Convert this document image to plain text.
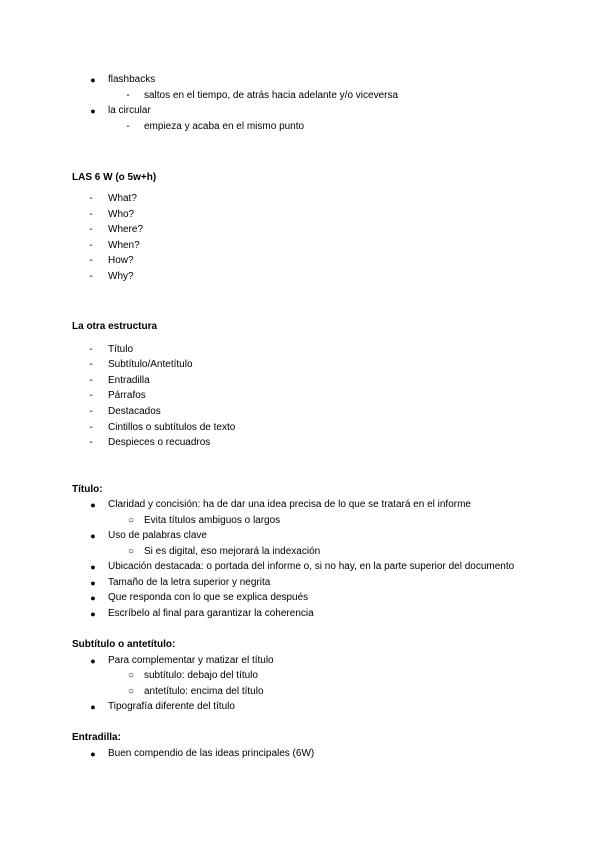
●	flashbacks
-	saltos en el tiempo, de atrás hacia adelante y/o viceversa
●	la circular
-	empieza y acaba en el mismo punto
LAS 6 W (o 5w+h)
-	What?
-	Who?
-	Where?
-	When?
-	How?
-	Why?
La otra estructura
-	Título
-	Subtítulo/Antetítulo
-	Entradilla
-	Párrafos
-	Destacados
-	Cintillos o subtítulos de texto
-	Despieces o recuadros
Título:
●	Claridad y concisión: ha de dar una idea precisa de lo que se tratará en el informe
○ Evita títulos ambiguos o largos
●	Uso de palabras clave
○ Si es digital, eso mejorará la indexación
●	Ubicación destacada: o portada del informe o, si no hay, en la parte superior del documento
●	Tamaño de la letra superior y negrita
●	Que responda con lo que se explica después
●	Escríbelo al final para garantizar la coherencia
Subtítulo o antetítulo:
●	Para complementar y matizar el título
○ subtítulo: debajo del título
○ antetítulo: encima del título
●	Tipografía diferente del título
Entradilla:
●	Buen compendio de las ideas principales (6W)
